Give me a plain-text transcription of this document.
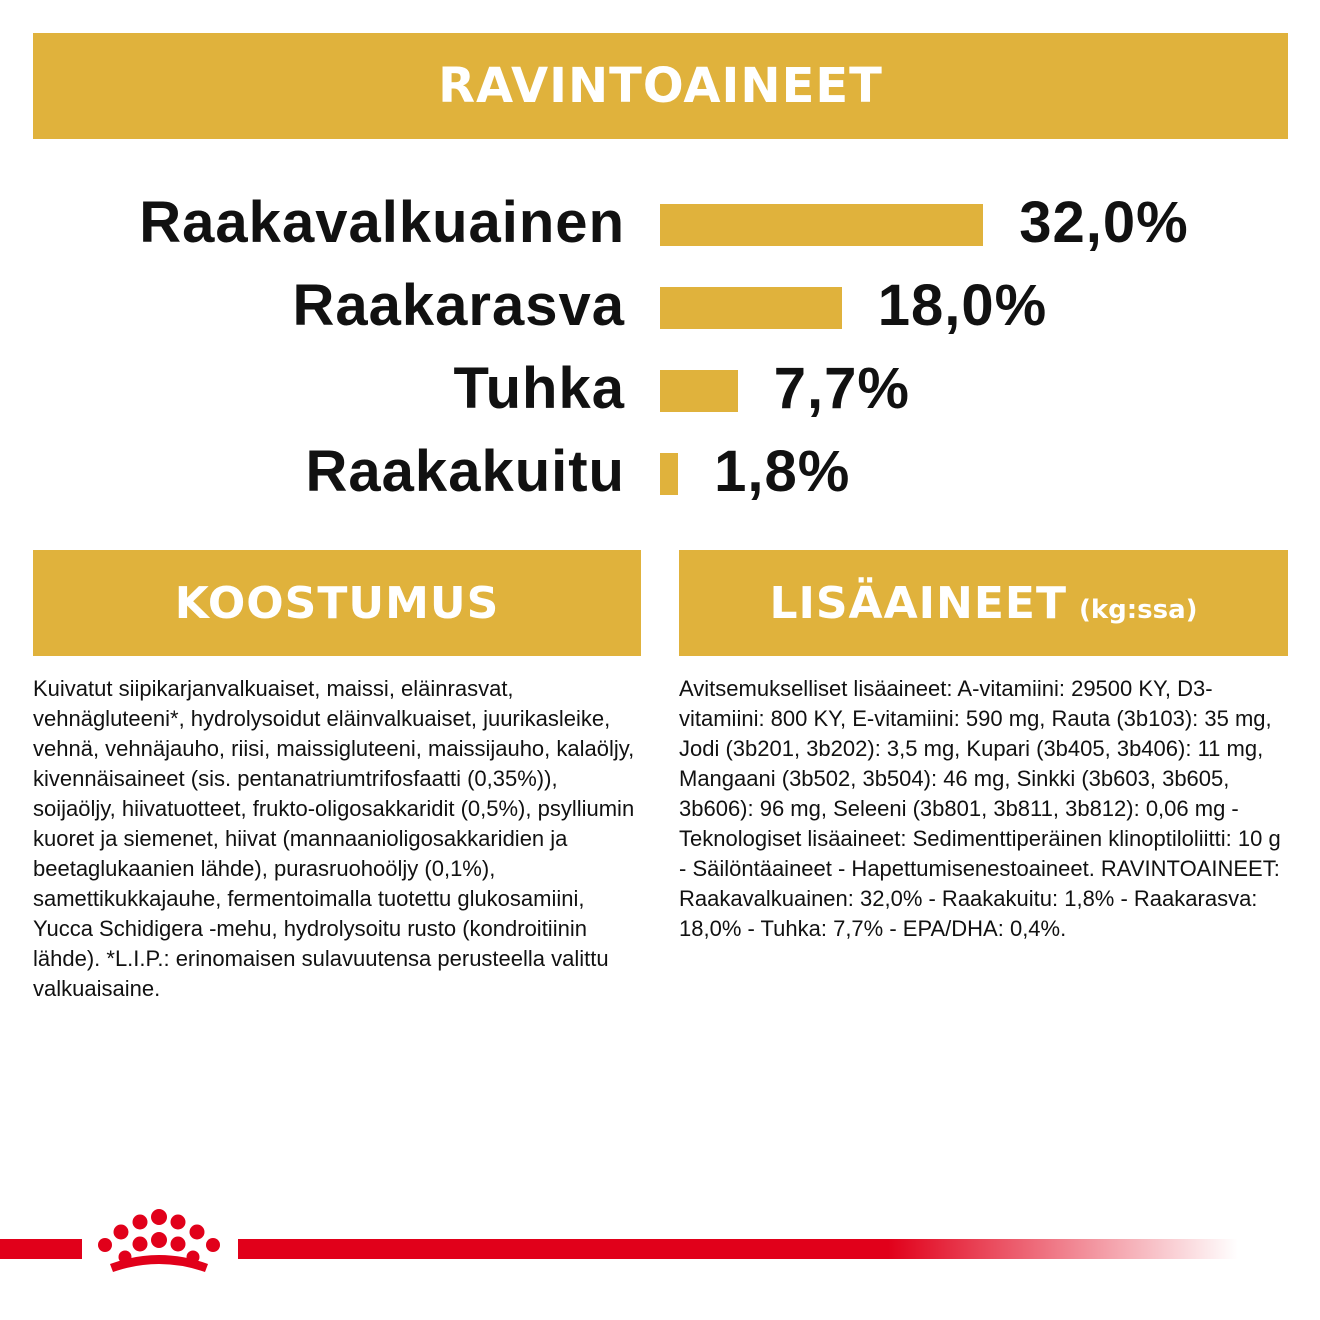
RAVINTOAINEET
Raakavalkuainen	32,0%
Raakarasva	18,0%
Tuhka	7,7%
Raakakuitu 1,8%
KOOSTUMUS	LISÄAINEET (kg:ssa)
Kuivatut siipikarjanvalkuaiset, maissi, eläinrasvat, vehnägluteeni*, hydrolysoidut eläinvalkuaiset, juurikasleike, vehnä, vehnäjauho, riisi, maissigluteeni, maissijauho, kalaöljy, kivennäisaineet (sis. pentanatriumtrifosfaatti (0,35%)), soijaöljy, hiivatuotteet, frukto-oligosakkaridit (0,5%), psylliumin kuoret ja siemenet, hiivat (mannaanioligosakkaridien ja beetaglukaanien lähde), purasruohoöljy (0,1%), samettikukkajauhe, fermentoimalla tuotettu glukosamiini, Yucca Schidigera -mehu, hydrolysoitu rusto (kondroitiinin lähde). *L.I.P.: erinomaisen sulavuutensa perusteella valittu valkuaisaine.
Avitsemukselliset lisäaineet: A-vitamiini: 29500 KY, D3-vitamiini: 800 KY, E-vitamiini: 590 mg, Rauta (3b103): 35 mg, Jodi (3b201, 3b202): 3,5 mg, Kupari (3b405, 3b406): 11 mg, Mangaani (3b502, 3b504): 46 mg, Sinkki (3b603, 3b605, 3b606): 96 mg, Seleeni (3b801, 3b811, 3b812): 0,06 mg - Teknologiset lisäaineet: Sedimenttiperäinen klinoptiloliitti: 10 g - Säilöntäaineet - Hapettumisenestoaineet. RAVINTOAINEET: Raakavalkuainen: 32,0% - Raakakuitu: 1,8% - Raakarasva: 18,0% - Tuhka: 7,7% - EPA/DHA: 0,4%.
